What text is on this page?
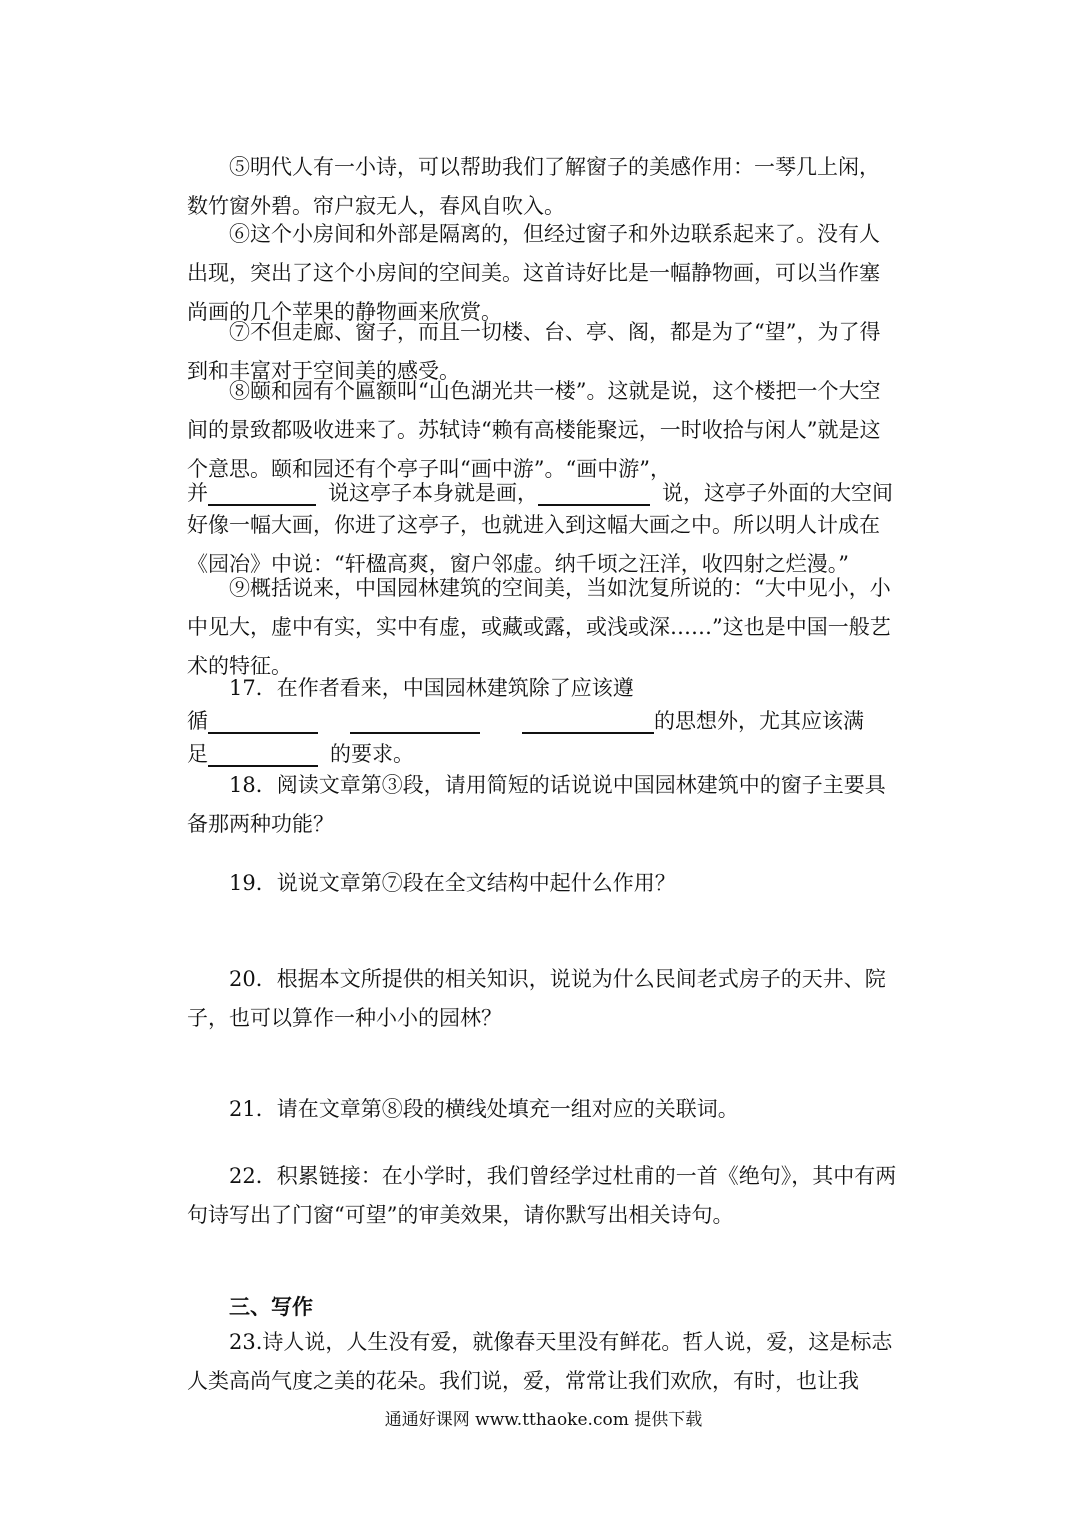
⑤明代人有一小诗，可以帮助我们了解窗子的美感作用：一琴几上闲，数竹窗外碧。帘户寂无人，春风自吹入。

⑥这个小房间和外部是隔离的，但经过窗子和外边联系起来了。没有人出现，突出了这个小房间的空间美。这首诗好比是一幅静物画，可以当作塞尚画的几个苹果的静物画来欣赏。

⑦不但走廊、窗子，而且一切楼、台、亭、阁，都是为了“望”，为了得到和丰富对于空间美的感受。

⑧颐和园有个匾额叫“山色湖光共一楼”。这就是说，这个楼把一个大空间的景致都吸收进来了。苏轼诗“赖有高楼能聚远，一时收拾与闲人”就是这个意思。颐和园还有个亭子叫“画中游”。“画中游”，

并	说这亭子本身就是画，	说，这亭子外面的大空间

好像一幅大画，你进了这亭子，也就进入到这幅大画之中。所以明人计成在《园冶》中说：“轩楹高爽，窗户邻虚。纳千顷之汪洋，收四射之烂漫。”

⑨概括说来，中国园林建筑的空间美，当如沈复所说的：“大中见小，小中见大，虚中有实，实中有虚，或藏或露，或浅或深……”这也是中国一般艺术的特征。

17．在作者看来，中国园林建筑除了应该遵
循	的思想外，尤其应该满
足	的要求。

18．阅读文章第③段，请用简短的话说说中国园林建筑中的窗子主要具备那两种功能？

19．说说文章第⑦段在全文结构中起什么作用？

20．根据本文所提供的相关知识，说说为什么民间老式房子的天井、院子，也可以算作一种小小的园林？

21．请在文章第⑧段的横线处填充一组对应的关联词。

22．积累链接：在小学时，我们曾经学过杜甫的一首《绝句》，其中有两句诗写出了门窗“可望”的审美效果，请你默写出相关诗句。

三、写作

23.诗人说，人生没有爱，就像春天里没有鲜花。哲人说，爱，这是标志人类高尚气度之美的花朵。我们说，爱，常常让我们欢欣，有时，也让我

通通好课网 www.tthaoke.com 提供下载
